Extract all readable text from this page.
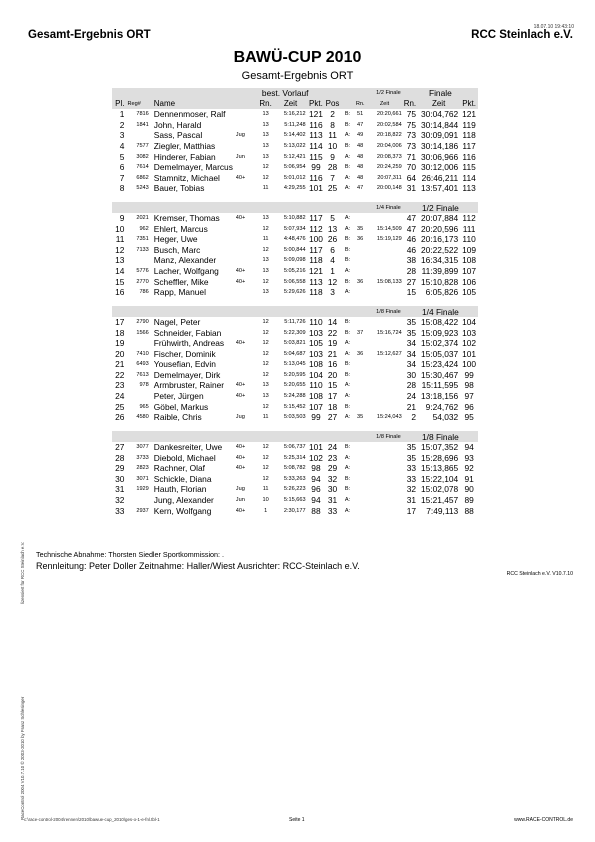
18.07.10 19:43:10
Gesamt-Ergebnis ORT	RCC Steinlach e.V.
BAWÜ-CUP 2010
Gesamt-Ergebnis ORT
				best. Vorlauf			1/2 Finale				Finale		
Pl.	Reg#	Name		Rn.	Zeit	Pkt.	Pos		Rn.	Zeit	Rn.	Zeit	Pkt.
1	7816	Dennenmoser, Ralf		13	5:16,212	121	2	B:	51	20:20,661	75	30:04,762	121
2	1841	John, Harald		13	5:11,248	116	8	B:	47	20:02,584	75	30:14,844	119
3		Sass, Pascal	Jug	13	5:14,402	113	11	A:	49	20:18,822	73	30:09,091	118
4	7577	Ziegler, Matthias		13	5:13,022	114	10	B:	48	20:04,006	73	30:14,186	117
5	3082	Hinderer, Fabian	Jun	13	5:12,421	115	9	A:	48	20:08,373	71	30:06,966	116
6	7614	Demelmayer, Marcus		12	5:06,954	99	28	B:	48	20:24,259	70	30:12,006	115
7	6862	Stamnitz, Michael	40+	12	5:01,012	116	7	A:	48	20:07,311	64	26:46,211	114
8	5243	Bauer, Tobias		11	4:29,255	101	25	A:	47	20:00,148	31	13:57,401	113

								1/4 Finale			1/2 Finale		
9	2021	Kremser, Thomas	40+	13	5:10,882	117	5	A:			47	20:07,884	112
10	962	Ehlert, Marcus		12	5:07,934	112	13	A:	35	15:14,509	47	20:20,596	111
11	7351	Heger, Uwe		11	4:48,476	100	26	B:	36	15:19,129	46	20:16,173	110
12	7133	Busch, Marc		12	5:00,844	117	6	B:			46	20:22,522	109
13		Manz, Alexander		13	5:09,098	118	4	B:			38	16:34,315	108
14	5776	Lacher, Wolfgang	40+	13	5:05,216	121	1	A:			28	11:39,899	107
15	2770	Scheffler, Mike	40+	12	5:06,558	113	12	B:	36	15:08,133	27	15:10,828	106
16	786	Rapp, Manuel		13	5:29,626	118	3	A:			15	6:05,826	105

								1/8 Finale			1/4 Finale		
17	2790	Nagel, Peter		12	5:11,726	110	14	B:			35	15:08,422	104
18	1566	Schneider, Fabian		12	5:22,309	103	22	B:	37	15:16,724	35	15:09,923	103
19		Frühwirth, Andreas	40+	12	5:03,821	105	19	A:			34	15:02,374	102
20	7410	Fischer, Dominik		12	5:04,687	103	21	A:	36	15:12,627	34	15:05,037	101
21	6493	Yousefian, Edvin		12	5:13,045	108	16	B:			34	15:23,424	100
22	7613	Demelmayer, Dirk		12	5:20,595	104	20	B:			30	15:30,467	99
23	978	Armbruster, Rainer	40+	13	5:20,655	110	15	A:			28	15:11,595	98
24		Peter, Jürgen	40+	13	5:24,288	108	17	A:			24	13:18,156	97
25	965	Göbel, Markus		12	5:15,452	107	18	B:			21	9:24,762	96
26	4580	Raible, Chris	Jug	11	5:03,503	99	27	A:	35	15:24,043	2	54,032	95

								1/8 Finale			1/8 Finale		
27	3077	Dankesreiter, Uwe	40+	12	5:06,737	101	24	B:			35	15:07,352	94
28	3733	Diebold, Michael	40+	12	5:25,314	102	23	A:			35	15:28,696	93
29	2823	Rachner, Olaf	40+	12	5:08,782	98	29	A:			33	15:13,865	92
30	3071	Schickle, Diana		12	5:33,263	94	32	B:			33	15:22,104	91
31	1929	Hauth, Florian	Jug	11	5:26,223	96	30	B:			32	15:02,078	90
32		Jung, Alexander	Jun	10	5:15,663	94	31	A:			31	15:21,457	89
33	2937	Kern, Wolfgang	40+	1	2:30,177	88	33	A:			17	7:49,113	88
Technische Abnahme: Thorsten Siedler Sportkommission: .
Rennleitung: Peter Doller Zeitnahme: Haller/Wiest Ausrichter: RCC-Steinlach e.V.
RCC Steinlach e.V. V10.7.10
lizensiert für RCC Steinlach e.V.
RaceControl 2004 V10.7.10 © 2003-2010 by Franz Schlesinger c:\race-control-2004\rennen\2010\bawue-cup_2010\ges-o-1-e-fnl.tbl-1	Seite 1	www.RACE-CONTROL.de
